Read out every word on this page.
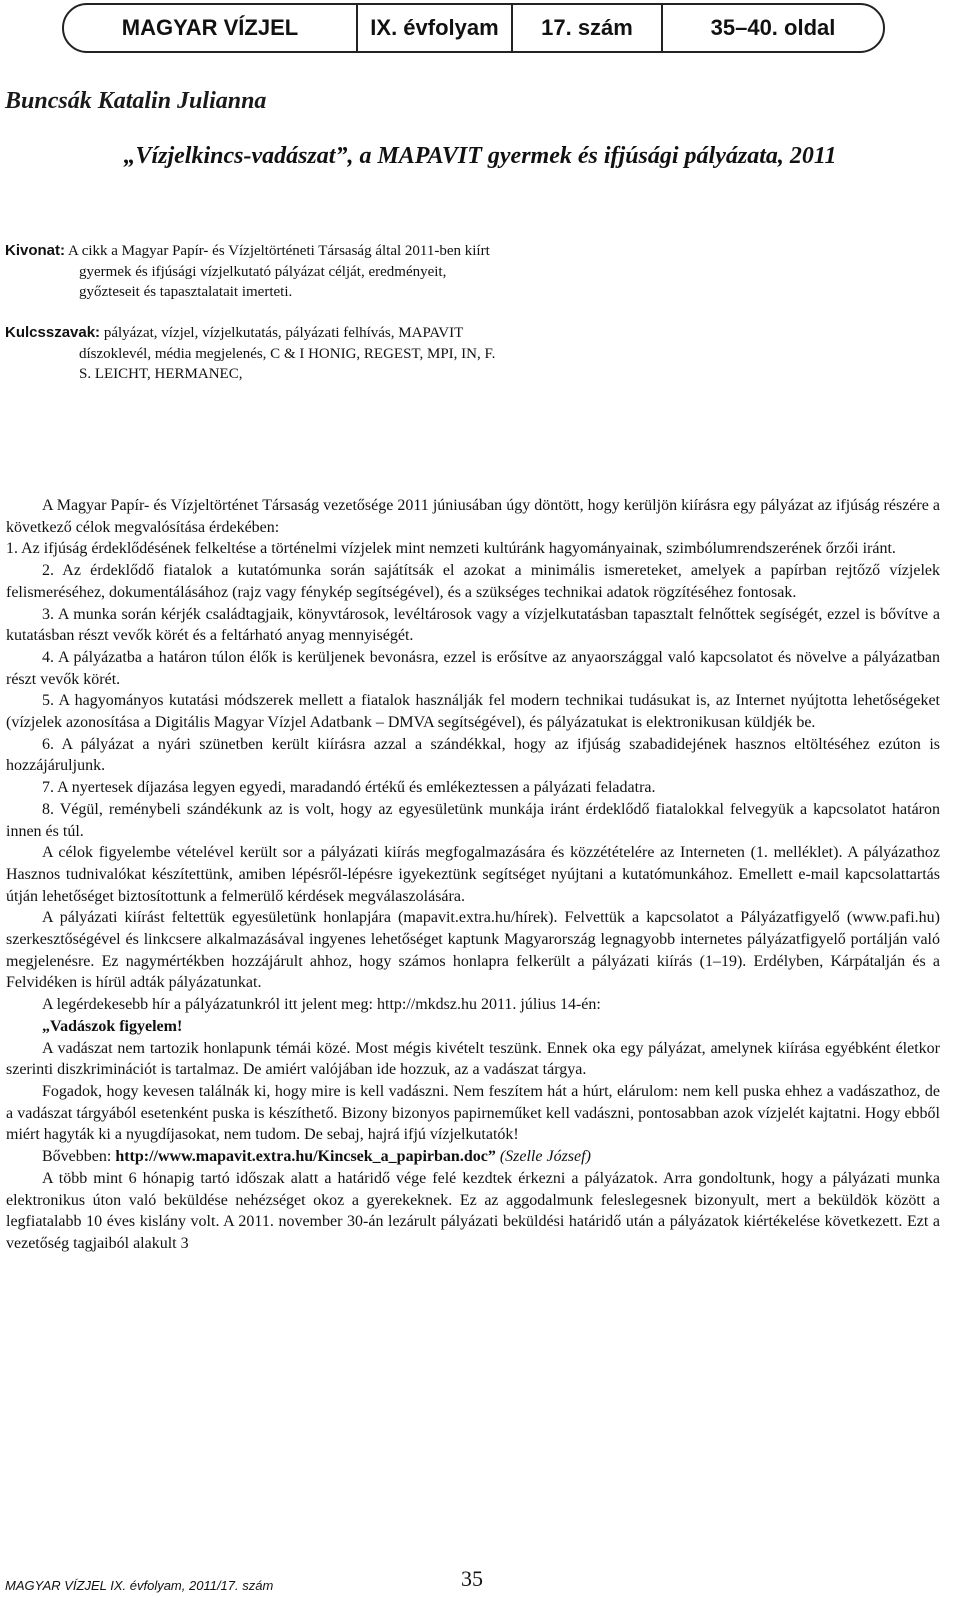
MAGYAR VÍZJEL	IX. évfolyam	17. szám	35–40. oldal
Buncsák Katalin Julianna
„Vízjelkincs-vadászat”, a MAPAVIT gyermek és ifjúsági pályázata, 2011
Kivonat: A cikk a Magyar Papír- és Vízjeltörténeti Társaság által 2011-ben kiírt
gyermek és ifjúsági vízjelkutató pályázat célját, eredményeit,
győzteseit és tapasztalatait imerteti.
Kulcsszavak: pályázat, vízjel, vízjelkutatás, pályázati felhívás, MAPAVIT
díszoklevél, média megjelenés, C & I HONIG, REGEST, MPI, IN, F.
S. LEICHT, HERMANEC,

A Magyar Papír- és Vízjeltörténet Társaság vezetősége 2011 júniusában úgy döntött, hogy kerüljön kiírásra egy pályázat az ifjúság részére a következő célok megvalósítása érdekében:

1. Az ifjúság érdeklődésének felkeltése a történelmi vízjelek mint nemzeti kultúránk hagyományainak, szimbólumrendszerének őrzői iránt.

2. Az érdeklődő fiatalok a kutatómunka során sajátítsák el azokat a minimális ismereteket, amelyek a papírban rejtőző vízjelek felismeréséhez, dokumentálásához (rajz vagy fénykép segítségével), és a szükséges technikai adatok rögzítéséhez fontosak.

3. A munka során kérjék családtagjaik, könyvtárosok, levéltárosok vagy a vízjelkutatásban tapasztalt felnőttek segíségét, ezzel is bővítve a kutatásban részt vevők körét és a feltárható anyag mennyiségét.

4. A pályázatba a határon túlon élők is kerüljenek bevonásra, ezzel is erősítve az anyaországgal való kapcsolatot és növelve a pályázatban részt vevők körét.

5. A hagyományos kutatási módszerek mellett a fiatalok használják fel modern technikai tudásukat is, az Internet nyújtotta lehetőségeket (vízjelek azonosítása a Digitális Magyar Vízjel Adatbank – DMVA segítségével), és pályázatukat is elektronikusan küldjék be.

6. A pályázat a nyári szünetben került kiírásra azzal a szándékkal, hogy az ifjúság szabadidejének hasznos eltöltéséhez ezúton is hozzájáruljunk.

7. A nyertesek díjazása legyen egyedi, maradandó értékű és emlékeztessen a pályázati feladatra.

8. Végül, reménybeli szándékunk az is volt, hogy az egyesületünk munkája iránt érdeklődő fiatalokkal felvegyük a kapcsolatot határon innen és túl.

A célok figyelembe vételével került sor a pályázati kiírás megfogalmazására és közzétételére az Interneten (1. melléklet). A pályázathoz Hasznos tudnivalókat készítettünk, amiben lépésről-lépésre igyekeztünk segítséget nyújtani a kutatómunkához. Emellett e-mail kapcsolattartás útján lehetőséget biztosítottunk a felmerülő kérdések megválaszolására.

A pályázati kiírást feltettük egyesületünk honlapjára (mapavit.extra.hu/hírek). Felvettük a kapcsolatot a Pályázatfigyelő (www.pafi.hu) szerkesztőségével és linkcsere alkalmazásával ingyenes lehetőséget kaptunk Magyarország legnagyobb internetes pályázatfigyelő portálján való megjelenésre. Ez nagymértékben hozzájárult ahhoz, hogy számos honlapra felkerült a pályázati kiírás (1–19). Erdélyben, Kárpátalján és a Felvidéken is hírül adták pályázatunkat.

A legérdekesebb hír a pályázatunkról itt jelent meg: http://mkdsz.hu 2011. július 14-én:

„Vadászok figyelem!

A vadászat nem tartozik honlapunk témái közé. Most mégis kivételt teszünk. Ennek oka egy pályázat, amelynek kiírása egyébként életkor szerinti diszkriminációt is tartalmaz. De amiért valójában ide hozzuk, az a vadászat tárgya.

Fogadok, hogy kevesen találnák ki, hogy mire is kell vadászni. Nem feszítem hát a húrt, elárulom: nem kell puska ehhez a vadászathoz, de a vadászat tárgyából esetenként puska is készíthető. Bizony bizonyos papirneműket kell vadászni, pontosabban azok vízjelét kajtatni. Hogy ebből miért hagyták ki a nyugdíjasokat, nem tudom. De sebaj, hajrá ifjú vízjelkutatók!

Bővebben: http://www.mapavit.extra.hu/Kincsek_a_papirban.doc” (Szelle József)

A több mint 6 hónapig tartó időszak alatt a határidő vége felé kezdtek érkezni a pályázatok. Arra gondoltunk, hogy a pályázati munka elektronikus úton való beküldése nehézséget okoz a gyerekeknek. Ez az aggodalmunk feleslegesnek bizonyult, mert a beküldök között a legfiatalabb 10 éves kislány volt. A 2011. november 30-án lezárult pályázati beküldési határidő után a pályázatok kiértékelése következett. Ezt a vezetőség tagjaiból alakult 3

MAGYAR VÍZJEL IX. évfolyam, 2011/17. szám	35
